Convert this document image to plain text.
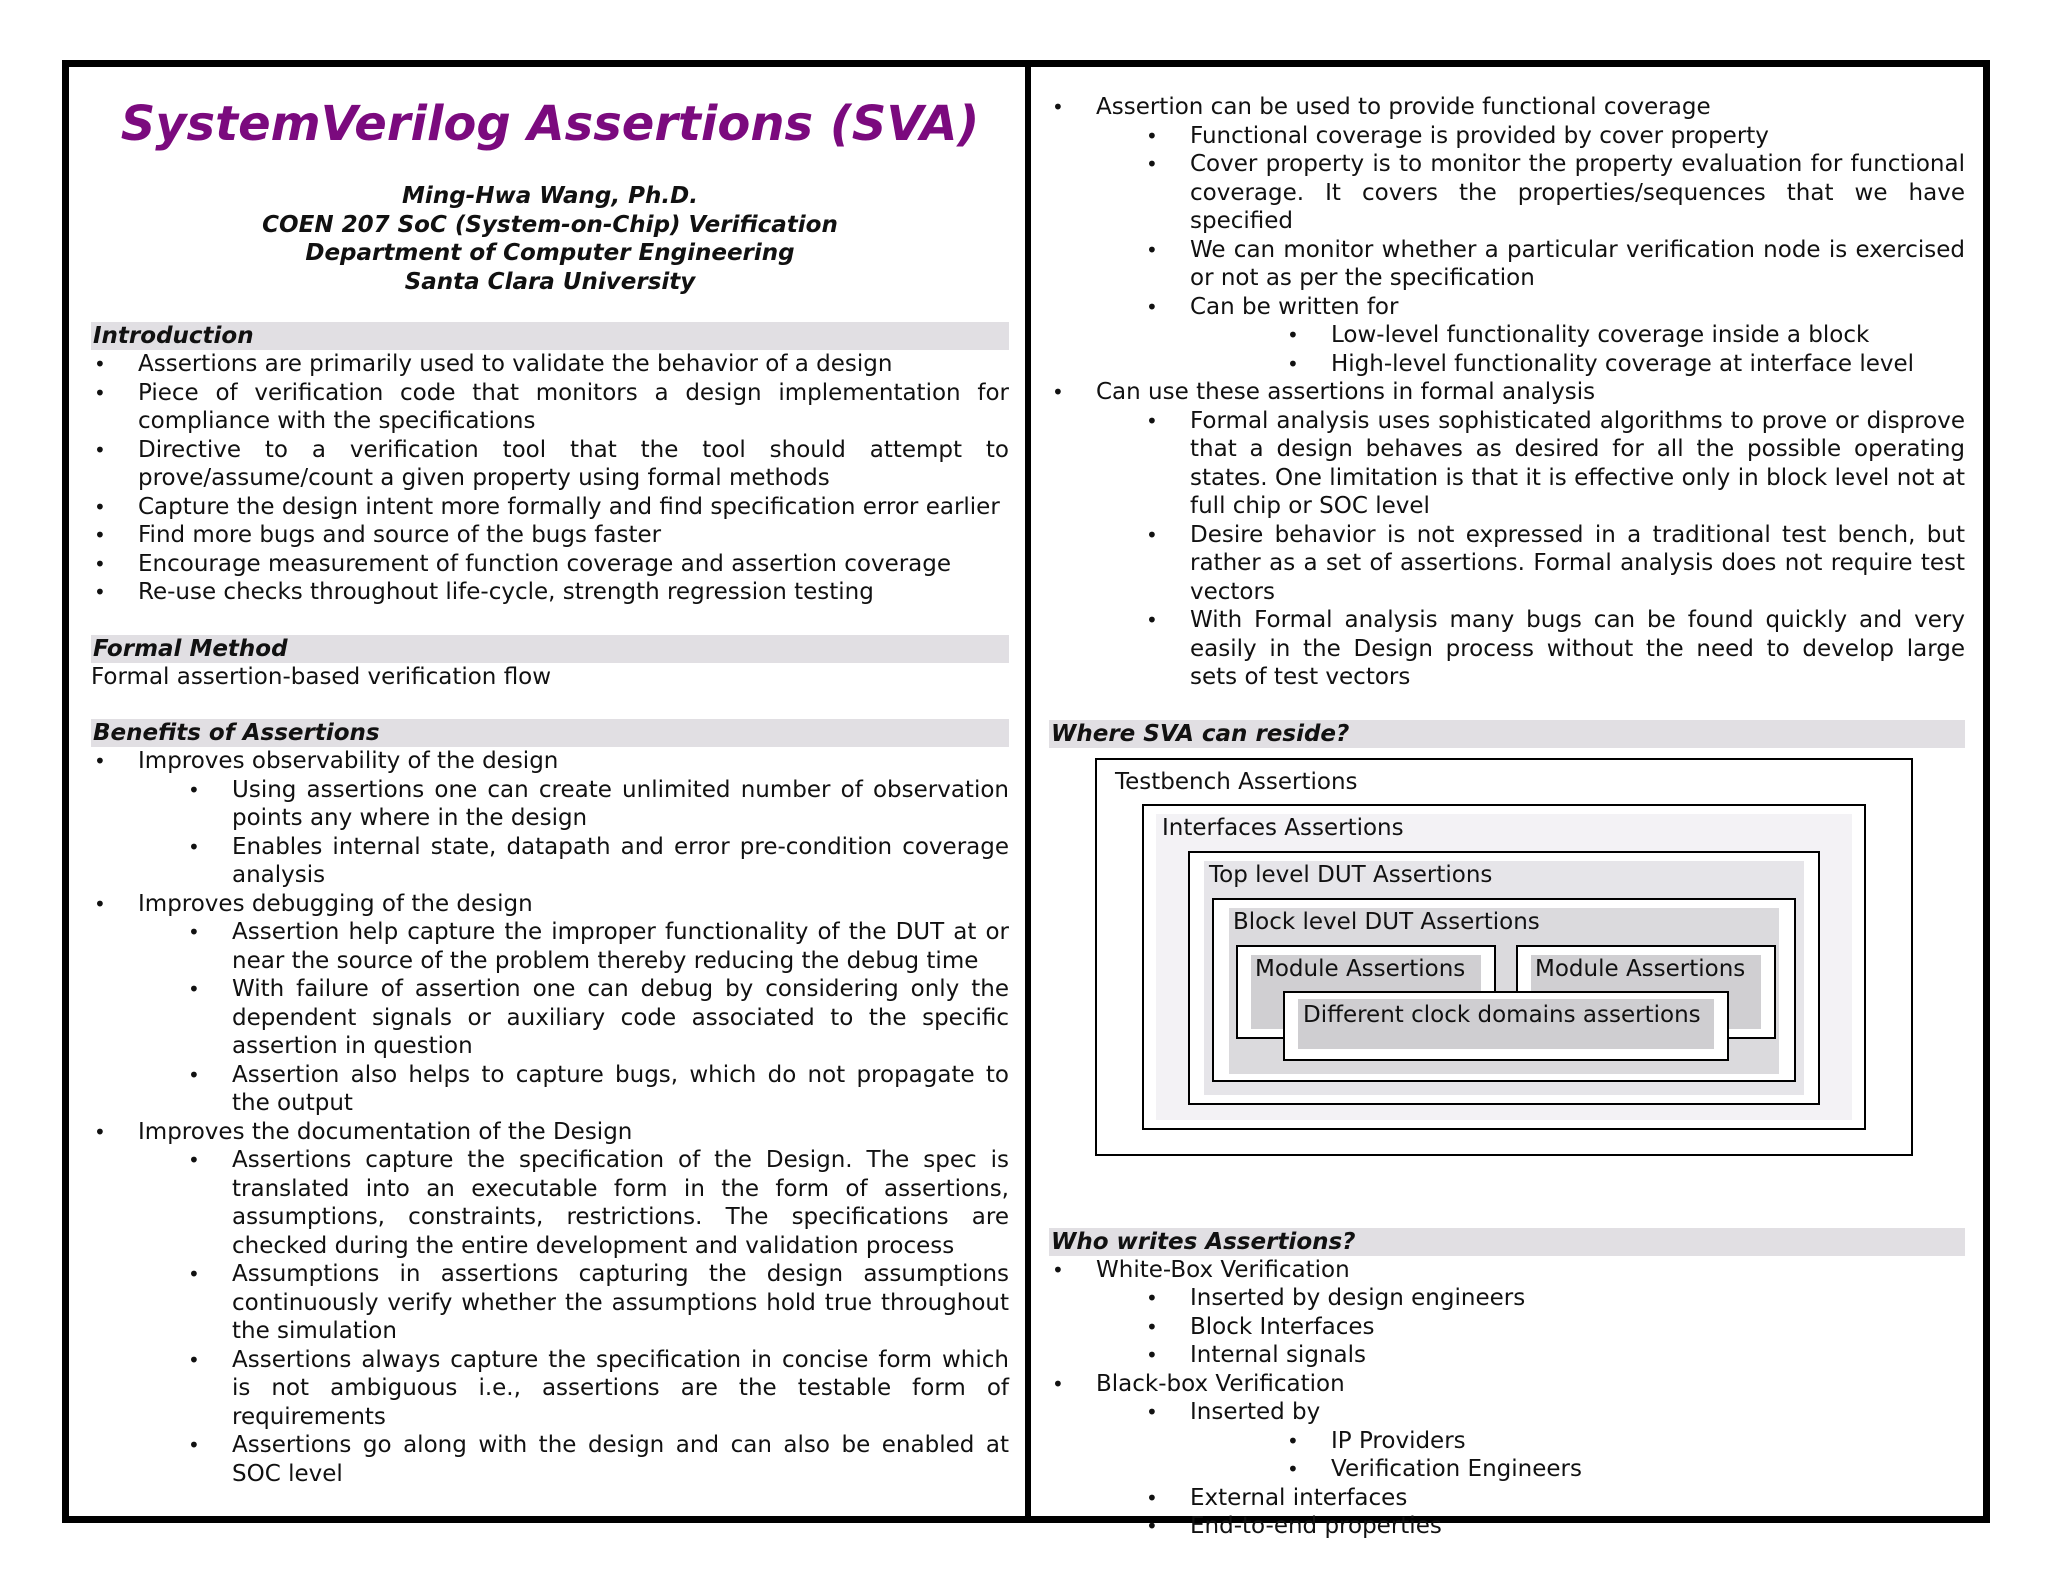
SystemVerilog Assertions (SVA)
Ming-Hwa Wang, Ph.D.
COEN 207 SoC (System-on-Chip) Verification
Department of Computer Engineering
Santa Clara University
Introduction
• Assertions are primarily used to validate the behavior of a design
• Piece of verification code that monitors a design implementation for compliance with the specifications
• Directive to a verification tool that the tool should attempt to prove/assume/count a given property using formal methods
• Capture the design intent more formally and find specification error earlier
• Find more bugs and source of the bugs faster
• Encourage measurement of function coverage and assertion coverage
• Re-use checks throughout life-cycle, strength regression testing
Formal Method
Formal assertion-based verification flow
Benefits of Assertions
• Improves observability of the design
• Using assertions one can create unlimited number of observation points any where in the design
• Enables internal state, datapath and error pre-condition coverage analysis
• Improves debugging of the design
• Assertion help capture the improper functionality of the DUT at or near the source of the problem thereby reducing the debug time
• With failure of assertion one can debug by considering only the dependent signals or auxiliary code associated to the specific assertion in question
• Assertion also helps to capture bugs, which do not propagate to the output
• Improves the documentation of the Design
• Assertions capture the specification of the Design. The spec is translated into an executable form in the form of assertions, assumptions, constraints, restrictions. The specifications are checked during the entire development and validation process
• Assumptions in assertions capturing the design assumptions continuously verify whether the assumptions hold true throughout the simulation
• Assertions always capture the specification in concise form which is not ambiguous i.e., assertions are the testable form of requirements
• Assertions go along with the design and can also be enabled at SOC level
• Assertion can be used to provide functional coverage
• Functional coverage is provided by cover property
• Cover property is to monitor the property evaluation for functional coverage. It covers the properties/sequences that we have specified
• We can monitor whether a particular verification node is exercised or not as per the specification
• Can be written for
• Low-level functionality coverage inside a block
• High-level functionality coverage at interface level
• Can use these assertions in formal analysis
• Formal analysis uses sophisticated algorithms to prove or disprove that a design behaves as desired for all the possible operating states. One limitation is that it is effective only in block level not at full chip or SOC level
• Desire behavior is not expressed in a traditional test bench, but rather as a set of assertions. Formal analysis does not require test vectors
• With Formal analysis many bugs can be found quickly and very easily in the Design process without the need to develop large sets of test vectors
Where SVA can reside?
Testbench Assertions
Interfaces Assertions
Top level DUT Assertions
Block level DUT Assertions
Module Assertions	Module Assertions
Different clock domains assertions
Who writes Assertions?
• White-Box Verification
• Inserted by design engineers
• Block Interfaces
• Internal signals
• Black-box Verification
• Inserted by
• IP Providers
• Verification Engineers
• External interfaces
• End-to-end properties
